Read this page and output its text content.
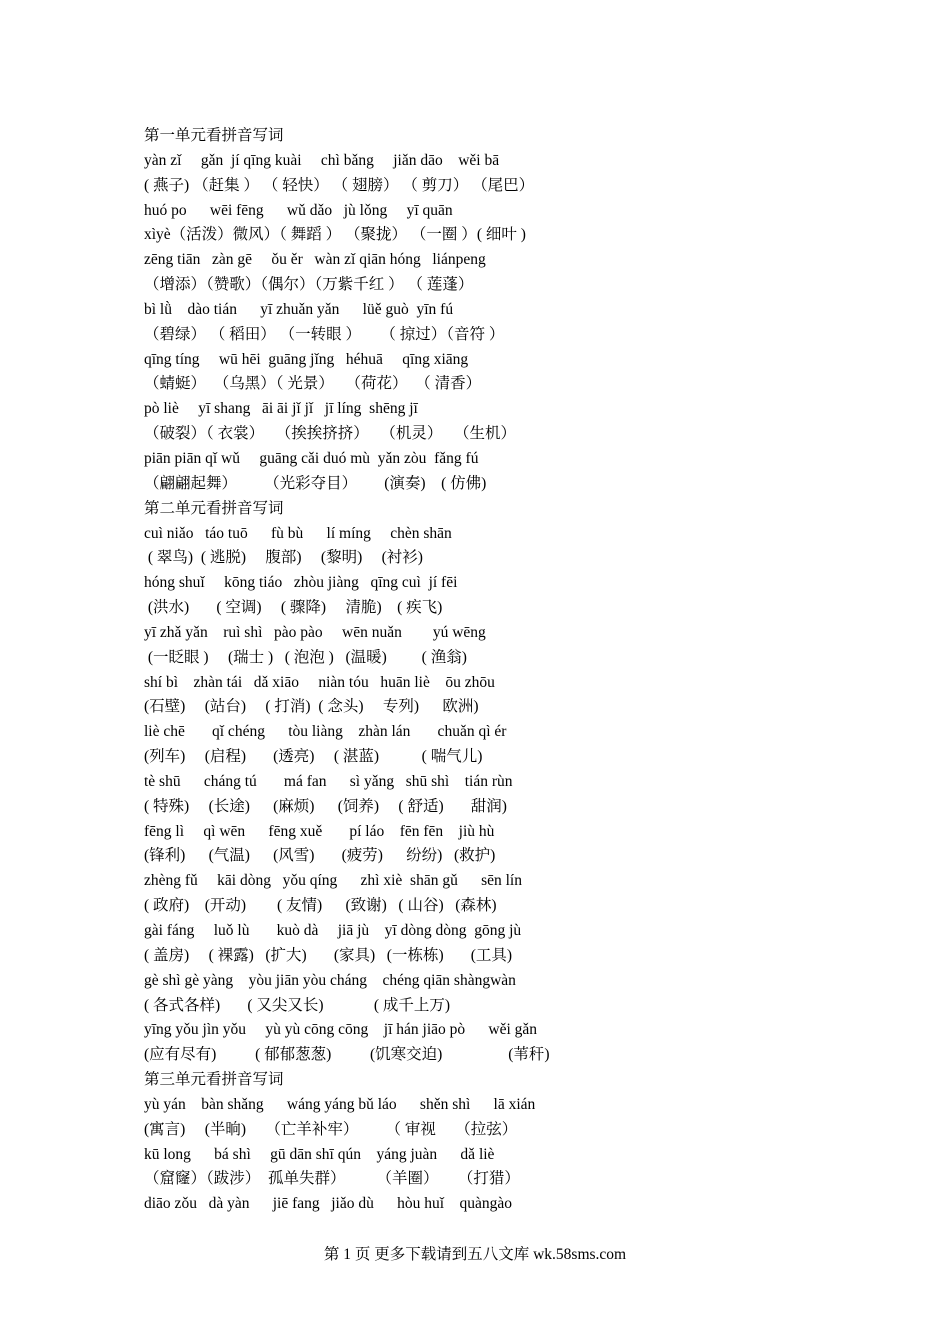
第一单元看拼音写词
yàn zǐ     gǎn  jí qīng kuài     chì bǎng     jiǎn dāo    wěi bā
( 燕子) （赶集 ） （ 轻快） （ 翅膀） （ 剪刀） （尾巴）
huó po      wēi fēng      wǔ dǎo   jù lǒng     yī quān
xìyè（活泼）微风）（ 舞蹈 ） （聚拢） （一圈 ）( 细叶 )
zēng tiān   zàn gē     ǒu ěr   wàn zǐ qiān hóng   liánpeng
（增添）（赞歌）（偶尔）（万紫千红 ） （ 莲蓬）
bì lǜ    dào tián      yī zhuǎn yǎn      lüě guò  yīn fú
（碧绿） （ 稻田） （一转眼 ）     （ 掠过）（音符 ）
qīng tíng     wū hēi  guāng jǐng   héhuā     qīng xiāng
（蜻蜓）  （乌黑）（ 光景）   （荷花）  （ 清香）
pò liè     yī shang   āi āi jǐ jǐ   jī líng  shēng jī
（破裂）（ 衣裳）   （挨挨挤挤）   （机灵）   （生机）
piān piān qǐ wǔ     guāng cǎi duó mù  yǎn zòu  fǎng fú
（翩翩起舞）       （光彩夺目）       (演奏)    ( 仿佛)
第二单元看拼音写词
cuì niǎo   táo tuō      fù bù      lí míng     chèn shān
( 翠鸟)  ( 逃脱)     腹部)     (黎明)     (衬衫)
hóng shuǐ     kōng tiáo   zhòu jiàng   qīng cuì  jí fēi
(洪水)       ( 空调)     ( 骤降)     清脆)    ( 疾飞)
yī zhǎ yǎn    ruì shì   pào pào     wēn nuǎn        yú wēng
(一眨眼 )     (瑞士 )   ( 泡泡 )   (温暖)         ( 渔翁)
shí bì    zhàn tái   dǎ xiāo     niàn tóu   huān liè    ōu zhōu
(石壁)     (站台)     ( 打消)  ( 念头)     专列)      欧洲)
liè chē       qǐ chéng      tòu liàng    zhàn lán       chuǎn qì ér
(列车)     (启程)       (透亮)     ( 湛蓝)           ( 喘气儿)
tè shū      cháng tú       má fan      sì yǎng   shū shì    tián rùn
( 特殊)     (长途)      (麻烦)      (饲养)     ( 舒适)       甜润)
fēng lì     qì wēn      fēng xuě       pí láo    fēn fēn    jiù hù
(锋利)      (气温)      (风雪)       (疲劳)      纷纷)   (救护)
zhèng fǔ     kāi dòng   yǒu qíng      zhì xiè  shān gǔ      sēn lín
( 政府)    (开动)        ( 友情)      (致谢)   ( 山谷)   (森林)
gài fáng     luǒ lù       kuò dà     jiā jù    yī dòng dòng  gōng jù
( 盖房)     ( 裸露)   (扩大)       (家具)   (一栋栋)       (工具)
gè shì gè yàng    yòu jiān yòu cháng    chéng qiān shàngwàn
( 各式各样)       ( 又尖又长)             ( 成千上万)
yīng yǒu jìn yǒu     yù yù cōng cōng    jī hán jiāo pò      wěi gǎn
(应有尽有)          ( 郁郁葱葱)          (饥寒交迫)                 (苇秆)
第三单元看拼音写词
yù yán    bàn shǎng      wáng yáng bǔ láo      shěn shì      lā xián
(寓言)     (半晌)     （亡羊补牢）       （ 审视     （拉弦）
kū long      bá shì     gū dān shī qún    yáng juàn      dǎ liè
（窟窿）（跋涉）  孤单失群）        （羊圈）     （打猎）
diāo zǒu   dà yàn      jiē fang   jiǎo dù      hòu huǐ    quàngào
第 1 页 更多下载请到五八文库 wk.58sms.com
